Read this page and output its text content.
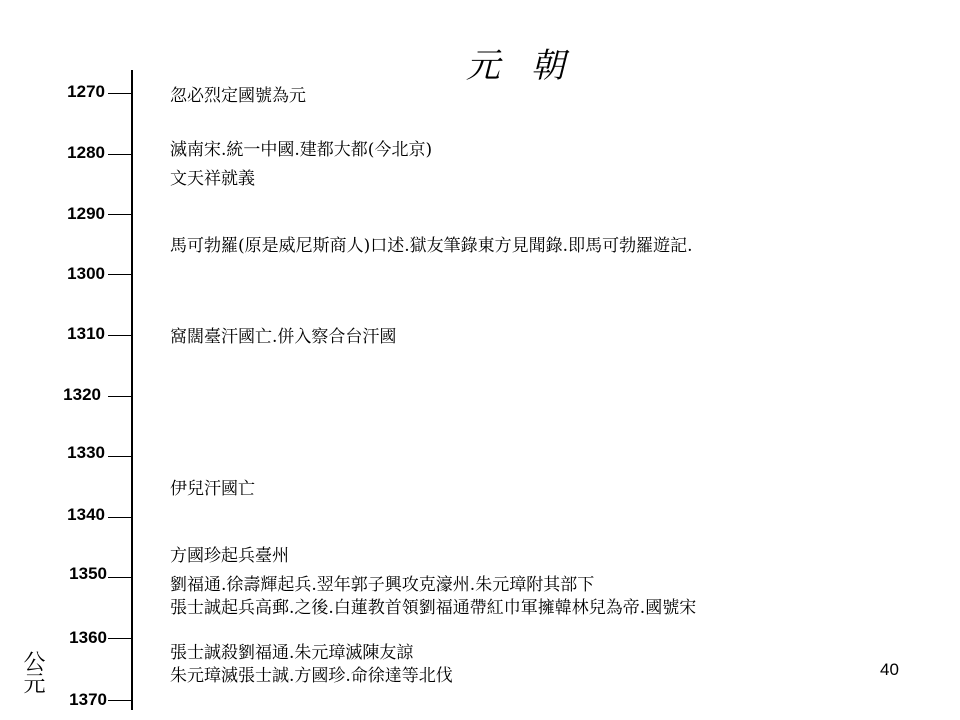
元 朝
1270
1280
1290
1300
1310
1320
1330
1340
1350
1360
1370
忽必烈定國號為元
滅南宋.統一中國.建都大都(今北京)
文天祥就義
馬可勃羅(原是威尼斯商人)口述.獄友筆錄東方見聞錄.即馬可勃羅遊記.
窩闊臺汗國亡.併入察合台汗國
伊兒汗國亡
方國珍起兵臺州
劉福通.徐壽輝起兵.翌年郭子興攻克濠州.朱元璋附其部下
張士誠起兵高郵.之後.白蓮教首領劉福通帶紅巾軍擁韓林兒為帝.國號宋
張士誠殺劉福通.朱元璋滅陳友諒
朱元璋滅張士誠.方國珍.命徐達等北伐
公元	40
